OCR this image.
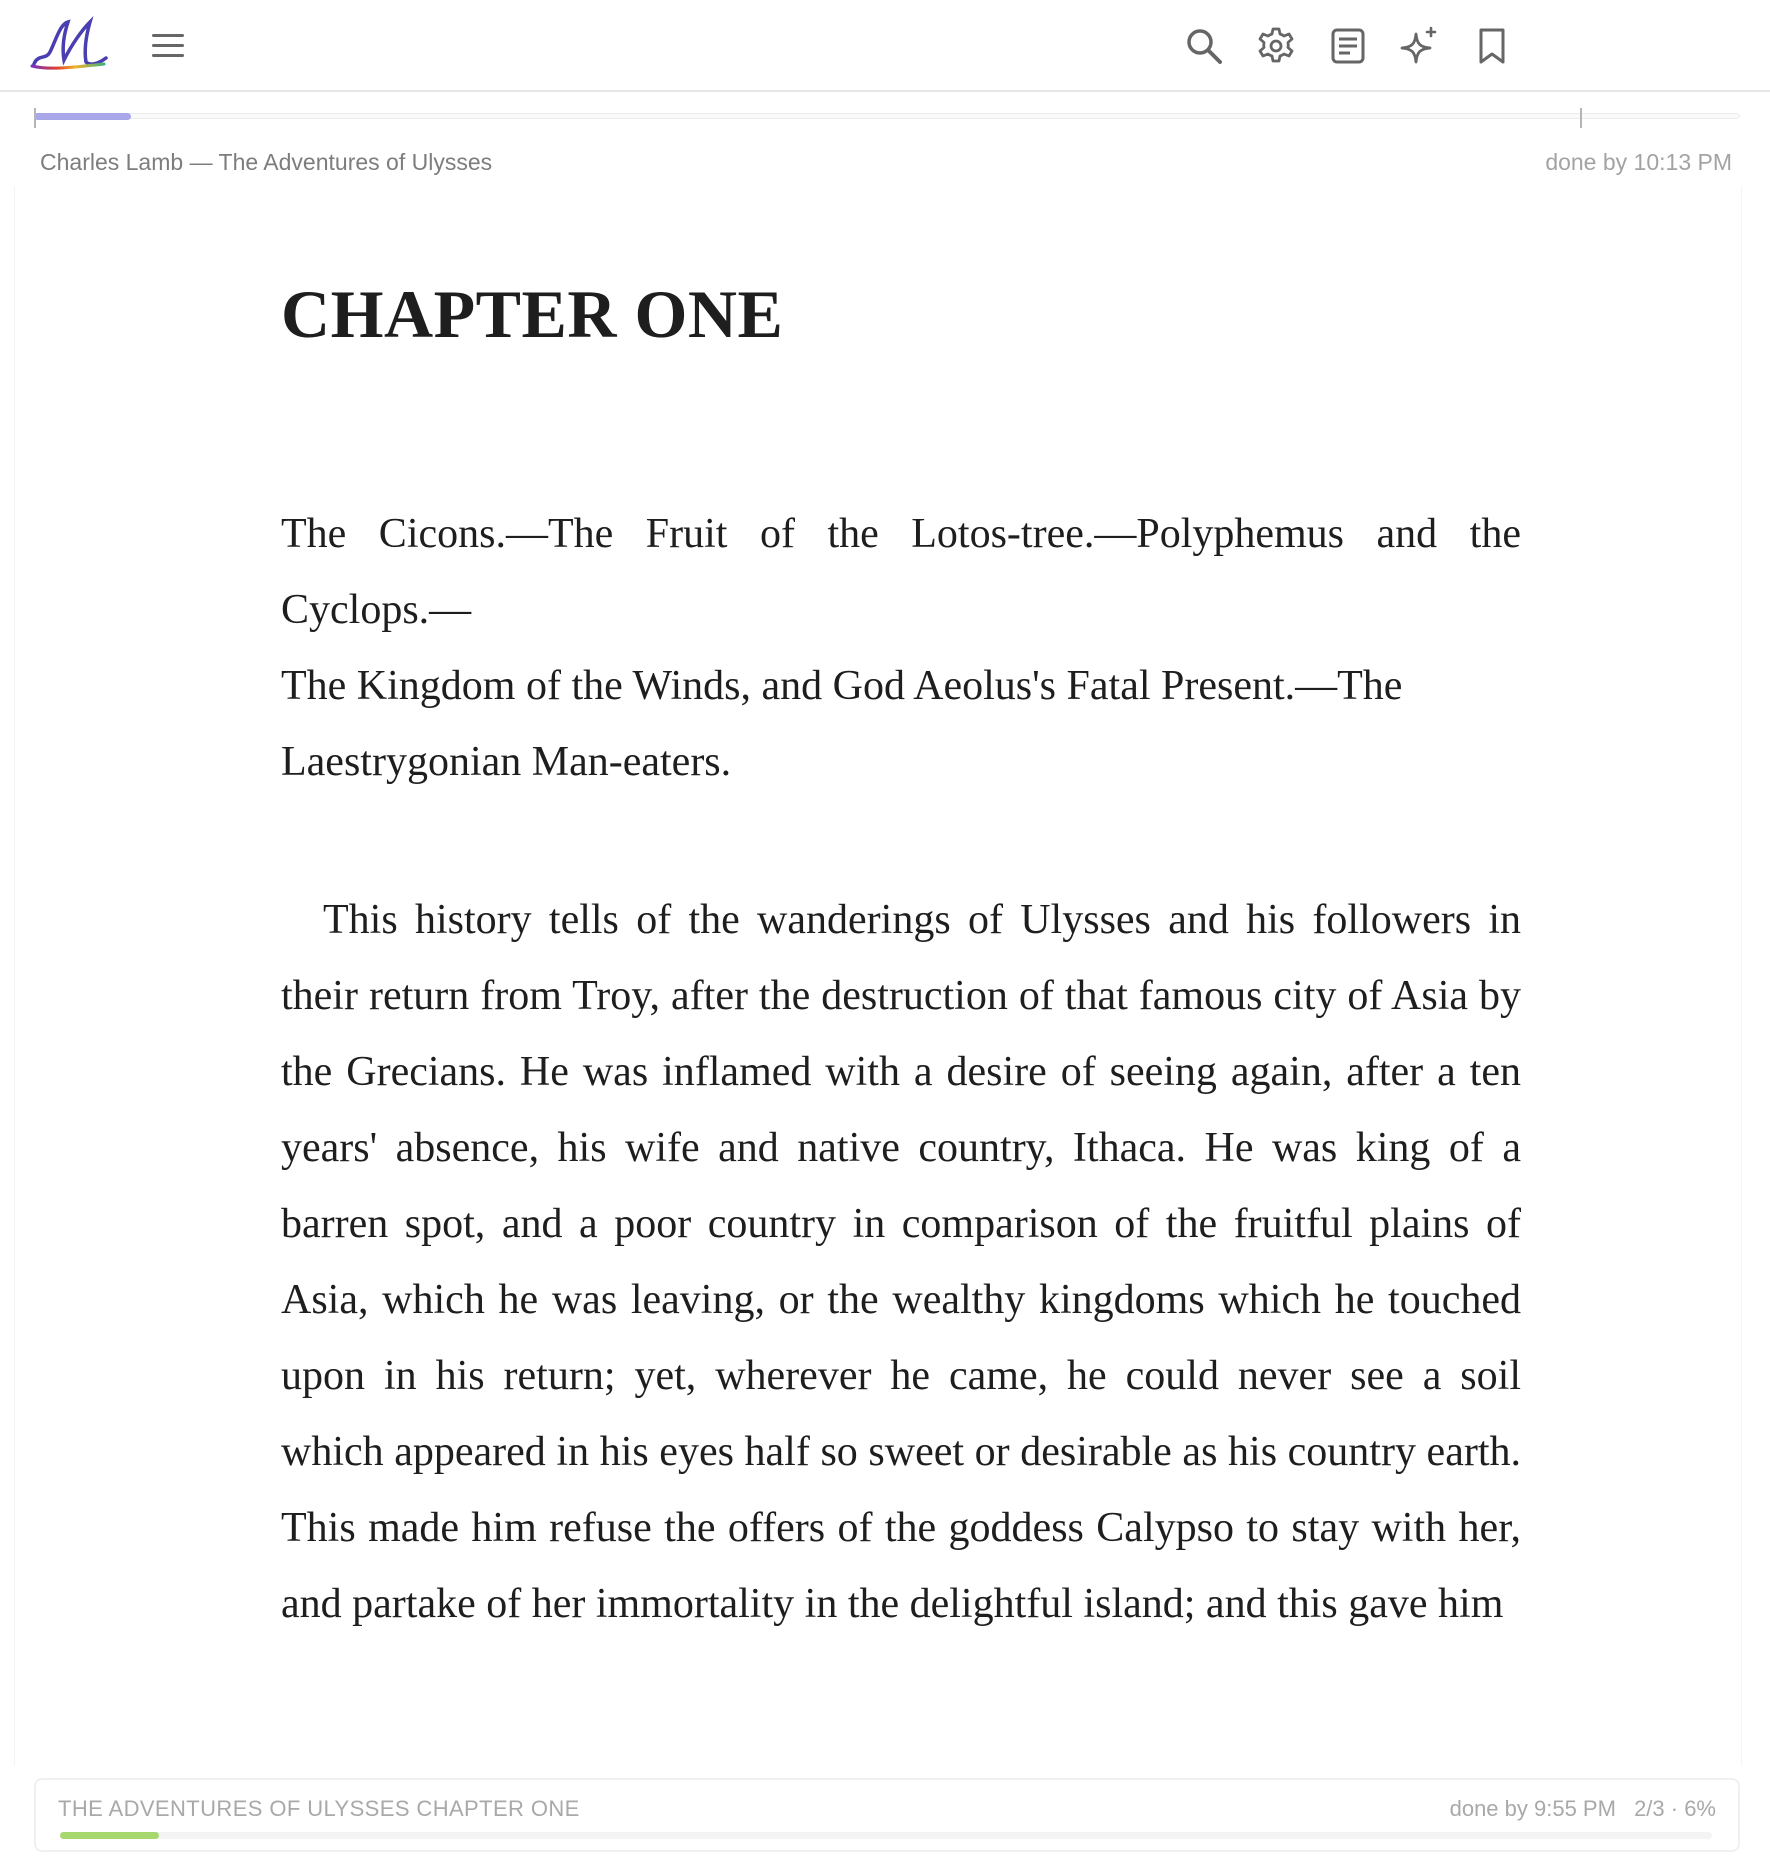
Charles Lamb — The Adventures of Ulysses	done by 10:13 PM
CHAPTER ONE
The Cicons.—The Fruit of the Lotos-tree.—Polyphemus and the
Cyclops.—
The Kingdom of the Winds, and God Aeolus's Fatal Present.—The
Laestrygonian Man-eaters.

This history tells of the wanderings of Ulysses and his followers in their return from Troy, after the destruction of that famous city of Asia by the Grecians. He was inflamed with a desire of seeing again, after a ten years' absence, his wife and native country, Ithaca. He was king of a barren spot, and a poor country in comparison of the fruitful plains of Asia, which he was leaving, or the wealthy kingdoms which he touched upon in his return; yet, wherever he came, he could never see a soil which appeared in his eyes half so sweet or desirable as his country earth. This made him refuse the offers of the goddess Calypso to stay with her, and partake of her immortality in the delightful island; and this gave him

THE ADVENTURES OF ULYSSES CHAPTER ONE	done by 9:55 PM 2/3 · 6%
